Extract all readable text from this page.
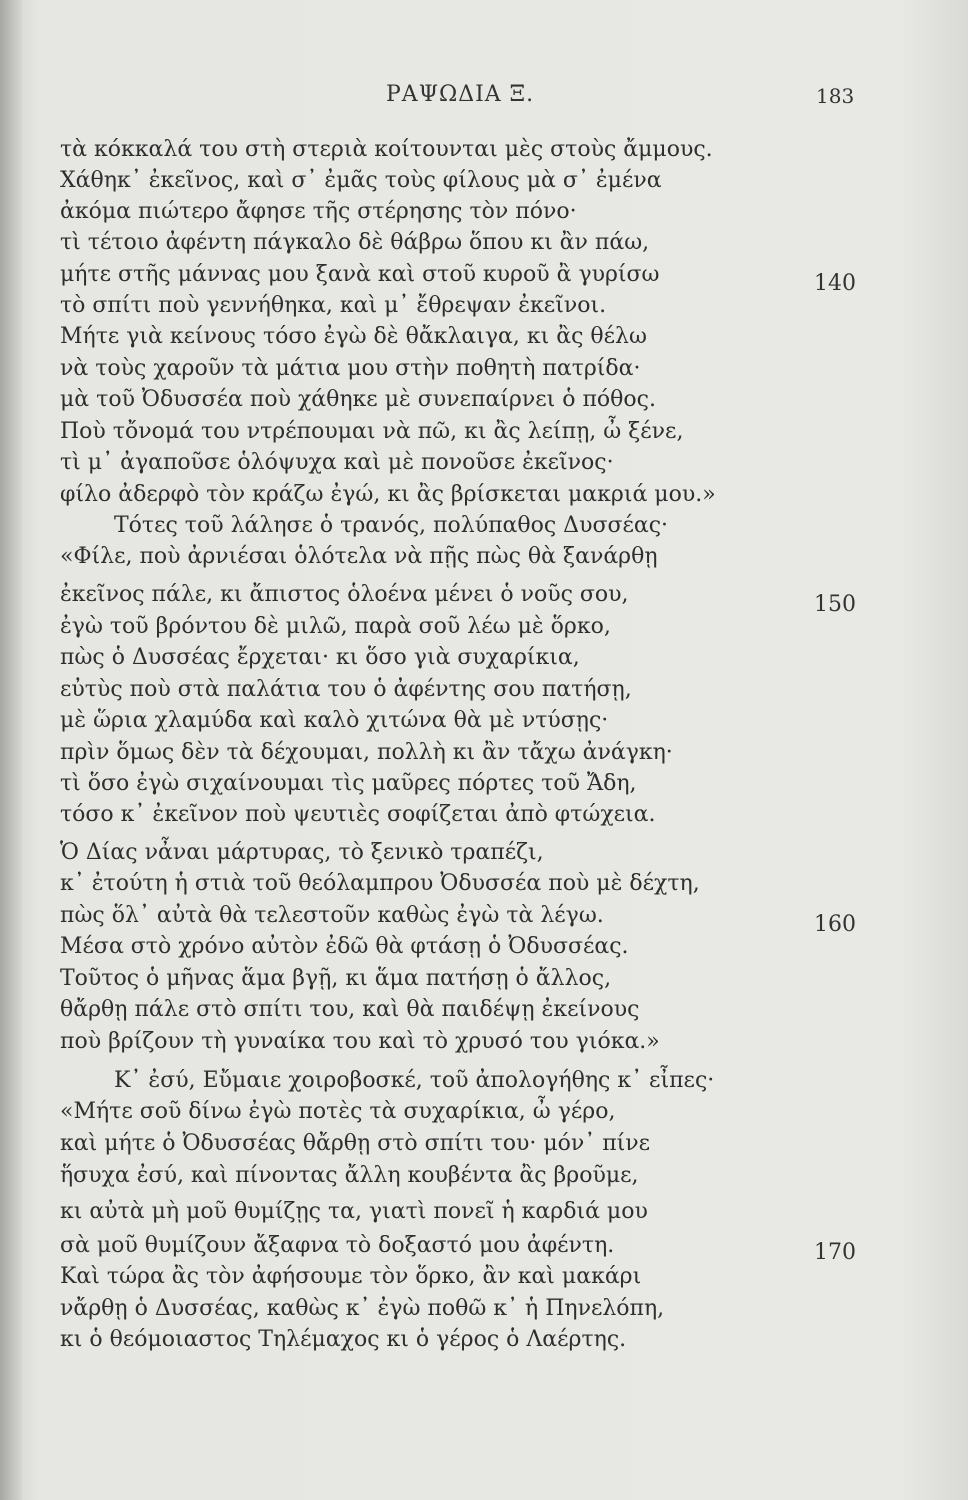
ΡΑΨΩΔΙΑ Ξ.	183
τὰ κόκκαλά του στὴ στεριὰ κοίτουνται μὲς στοὺς ἄμμους.
Χάθηκ᾽ ἐκεῖνος, καὶ σ᾽ ἐμᾶς τοὺς φίλους μὰ σ᾽ ἐμένα
ἀκόμα πιώτερο ἄφησε τῆς στέρησης τὸν πόνο·
τὶ τέτοιο ἀφέντη πάγκαλο δὲ θάβρω ὅπου κι ἂν πάω,
μήτε στῆς μάννας μου ξανὰ καὶ στοῦ κυροῦ ἂ γυρίσω	140
τὸ σπίτι ποὺ γεννήθηκα, καὶ μ᾽ ἔθρεψαν ἐκεῖνοι.
Μήτε γιὰ κείνους τόσο ἐγὼ δὲ θἄκλαιγα, κι ἂς θέλω
νὰ τοὺς χαροῦν τὰ μάτια μου στὴν ποθητὴ πατρίδα·
μὰ τοῦ Ὀδυσσέα ποὺ χάθηκε μὲ συνεπαίρνει ὁ πόθος.
Ποὺ τὄνομά του ντρέπουμαι νὰ πῶ, κι ἂς λείπῃ, ὦ ξένε,
τὶ μ᾽ ἀγαποῦσε ὁλόψυχα καὶ μὲ πονοῦσε ἐκεῖνος·
φίλο ἀδερφὸ τὸν κράζω ἐγώ, κι ἂς βρίσκεται μακριά μου.»
Τότες τοῦ λάλησε ὁ τρανός, πολύπαθος Δυσσέας·
«Φίλε, ποὺ ἀρνιέσαι ὁλότελα νὰ πῇς πὼς θὰ ξανάρθῃ
ἐκεῖνος πάλε, κι ἄπιστος ὁλοένα μένει ὁ νοῦς σου,	150
ἐγὼ τοῦ βρόντου δὲ μιλῶ, παρὰ σοῦ λέω μὲ ὅρκο,
πὼς ὁ Δυσσέας ἔρχεται· κι ὅσο γιὰ συχαρίκια,
εὐτὺς ποὺ στὰ παλάτια του ὁ ἀφέντης σου πατήσῃ,
μὲ ὥρια χλαμύδα καὶ καλὸ χιτώνα θὰ μὲ ντύσῃς·
πρὶν ὅμως δὲν τὰ δέχουμαι, πολλὴ κι ἂν τἄχω ἀνάγκη·
τὶ ὅσο ἐγὼ σιχαίνουμαι τὶς μαῦρες πόρτες τοῦ Ἄδη,
τόσο κ᾽ ἐκεῖνον ποὺ ψευτιὲς σοφίζεται ἀπὸ φτώχεια.
Ὁ Δίας νἆναι μάρτυρας, τὸ ξενικὸ τραπέζι,
κ᾽ ἐτούτη ἡ στιὰ τοῦ θεόλαμπρου Ὀδυσσέα ποὺ μὲ δέχτη,
πὼς ὅλ᾽ αὐτὰ θὰ τελεστοῦν καθὼς ἐγὼ τὰ λέγω.	160
Μέσα στὸ χρόνο αὐτὸν ἐδῶ θὰ φτάσῃ ὁ Ὀδυσσέας.
Τοῦτος ὁ μῆνας ἅμα βγῇ, κι ἅμα πατήσῃ ὁ ἄλλος,
θἄρθῃ πάλε στὸ σπίτι του, καὶ θὰ παιδέψῃ ἐκείνους
ποὺ βρίζουν τὴ γυναίκα του καὶ τὸ χρυσό του γιόκα.»
Κ᾽ ἐσύ, Εὔμαιε χοιροβοσκέ, τοῦ ἀπολογήθης κ᾽ εἶπες·
«Μήτε σοῦ δίνω ἐγὼ ποτὲς τὰ συχαρίκια, ὦ γέρο,
καὶ μήτε ὁ Ὀδυσσέας θἄρθῃ στὸ σπίτι του· μόν᾽ πίνε
ἥσυχα ἐσύ, καὶ πίνοντας ἄλλη κουβέντα ἂς βροῦμε,
κι αὐτὰ μὴ μοῦ θυμίζῃς τα, γιατὶ πονεῖ ἡ καρδιά μου
σὰ μοῦ θυμίζουν ἄξαφνα τὸ δοξαστό μου ἀφέντη.	170
Καὶ τώρα ἂς τὸν ἀφήσουμε τὸν ὅρκο, ἂν καὶ μακάρι
νἄρθῃ ὁ Δυσσέας, καθὼς κ᾽ ἐγὼ ποθῶ κ᾽ ἡ Πηνελόπη,
κι ὁ θεόμοιαστος Τηλέμαχος κι ὁ γέρος ὁ Λαέρτης.
